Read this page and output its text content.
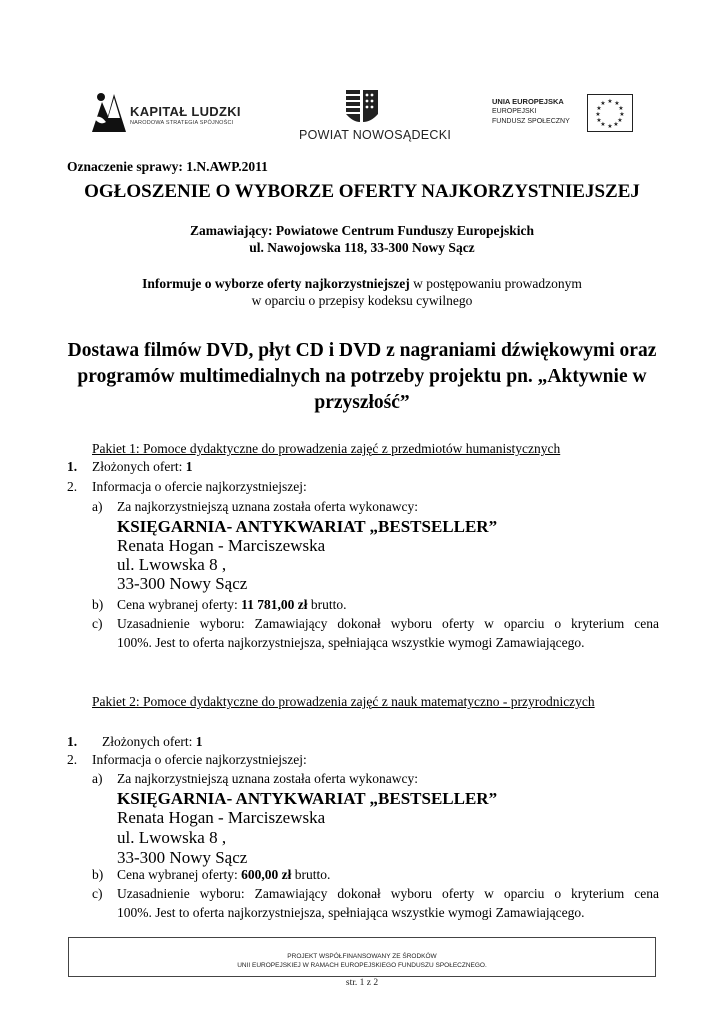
KAPITAŁ LUDZKI
NARODOWA STRATEGIA SPÓJNOŚCI
POWIAT NOWOSĄDECKI
UNIA EUROPEJSKA
EUROPEJSKI
FUNDUSZ SPOŁECZNY
★ ★
★
★
★
★
★
★
★
★
★
★
Oznaczenie sprawy: 1.N.AWP.2011
OGŁOSZENIE O WYBORZE OFERTY NAJKORZYSTNIEJSZEJ
Zamawiający: Powiatowe Centrum Funduszy Europejskich
ul. Nawojowska 118, 33-300 Nowy Sącz
Informuje o wyborze oferty najkorzystniejszej w postępowaniu prowadzonym
w oparciu o przepisy kodeksu cywilnego
Dostawa filmów DVD, płyt CD i DVD z nagraniami dźwiękowymi oraz
programów multimedialnych na potrzeby projektu pn. „Aktywnie w
przyszłość”
Pakiet 1: Pomoce dydaktyczne do prowadzenia zajęć z przedmiotów humanistycznych
1. Złożonych ofert: 1
2. Informacja o ofercie najkorzystniejszej:
a) Za najkorzystniejszą uznana została oferta wykonawcy:
KSIĘGARNIA- ANTYKWARIAT „BESTSELLER”
Renata Hogan - Marciszewska
ul. Lwowska 8 ,
33-300 Nowy Sącz
b) Cena wybranej oferty: 11 781,00 zł brutto.
c) Uzasadnienie wyboru: Zamawiający dokonał wyboru oferty w oparciu o kryterium cena
100%. Jest to oferta najkorzystniejsza, spełniająca wszystkie wymogi Zamawiającego.
Pakiet 2: Pomoce dydaktyczne do prowadzenia zajęć z nauk matematyczno - przyrodniczych
1. Złożonych ofert: 1
2. Informacja o ofercie najkorzystniejszej:
a) Za najkorzystniejszą uznana została oferta wykonawcy:
KSIĘGARNIA- ANTYKWARIAT „BESTSELLER”
Renata Hogan - Marciszewska
ul. Lwowska 8 ,
33-300 Nowy Sącz
b) Cena wybranej oferty: 600,00 zł brutto.
c) Uzasadnienie wyboru: Zamawiający dokonał wyboru oferty w oparciu o kryterium cena
100%. Jest to oferta najkorzystniejsza, spełniająca wszystkie wymogi Zamawiającego.
PROJEKT WSPÓŁFINANSOWANY ZE ŚRODKÓW
UNII EUROPEJSKIEJ W RAMACH EUROPEJSKIEGO FUNDUSZU SPOŁECZNEGO.
str. 1 z 2
